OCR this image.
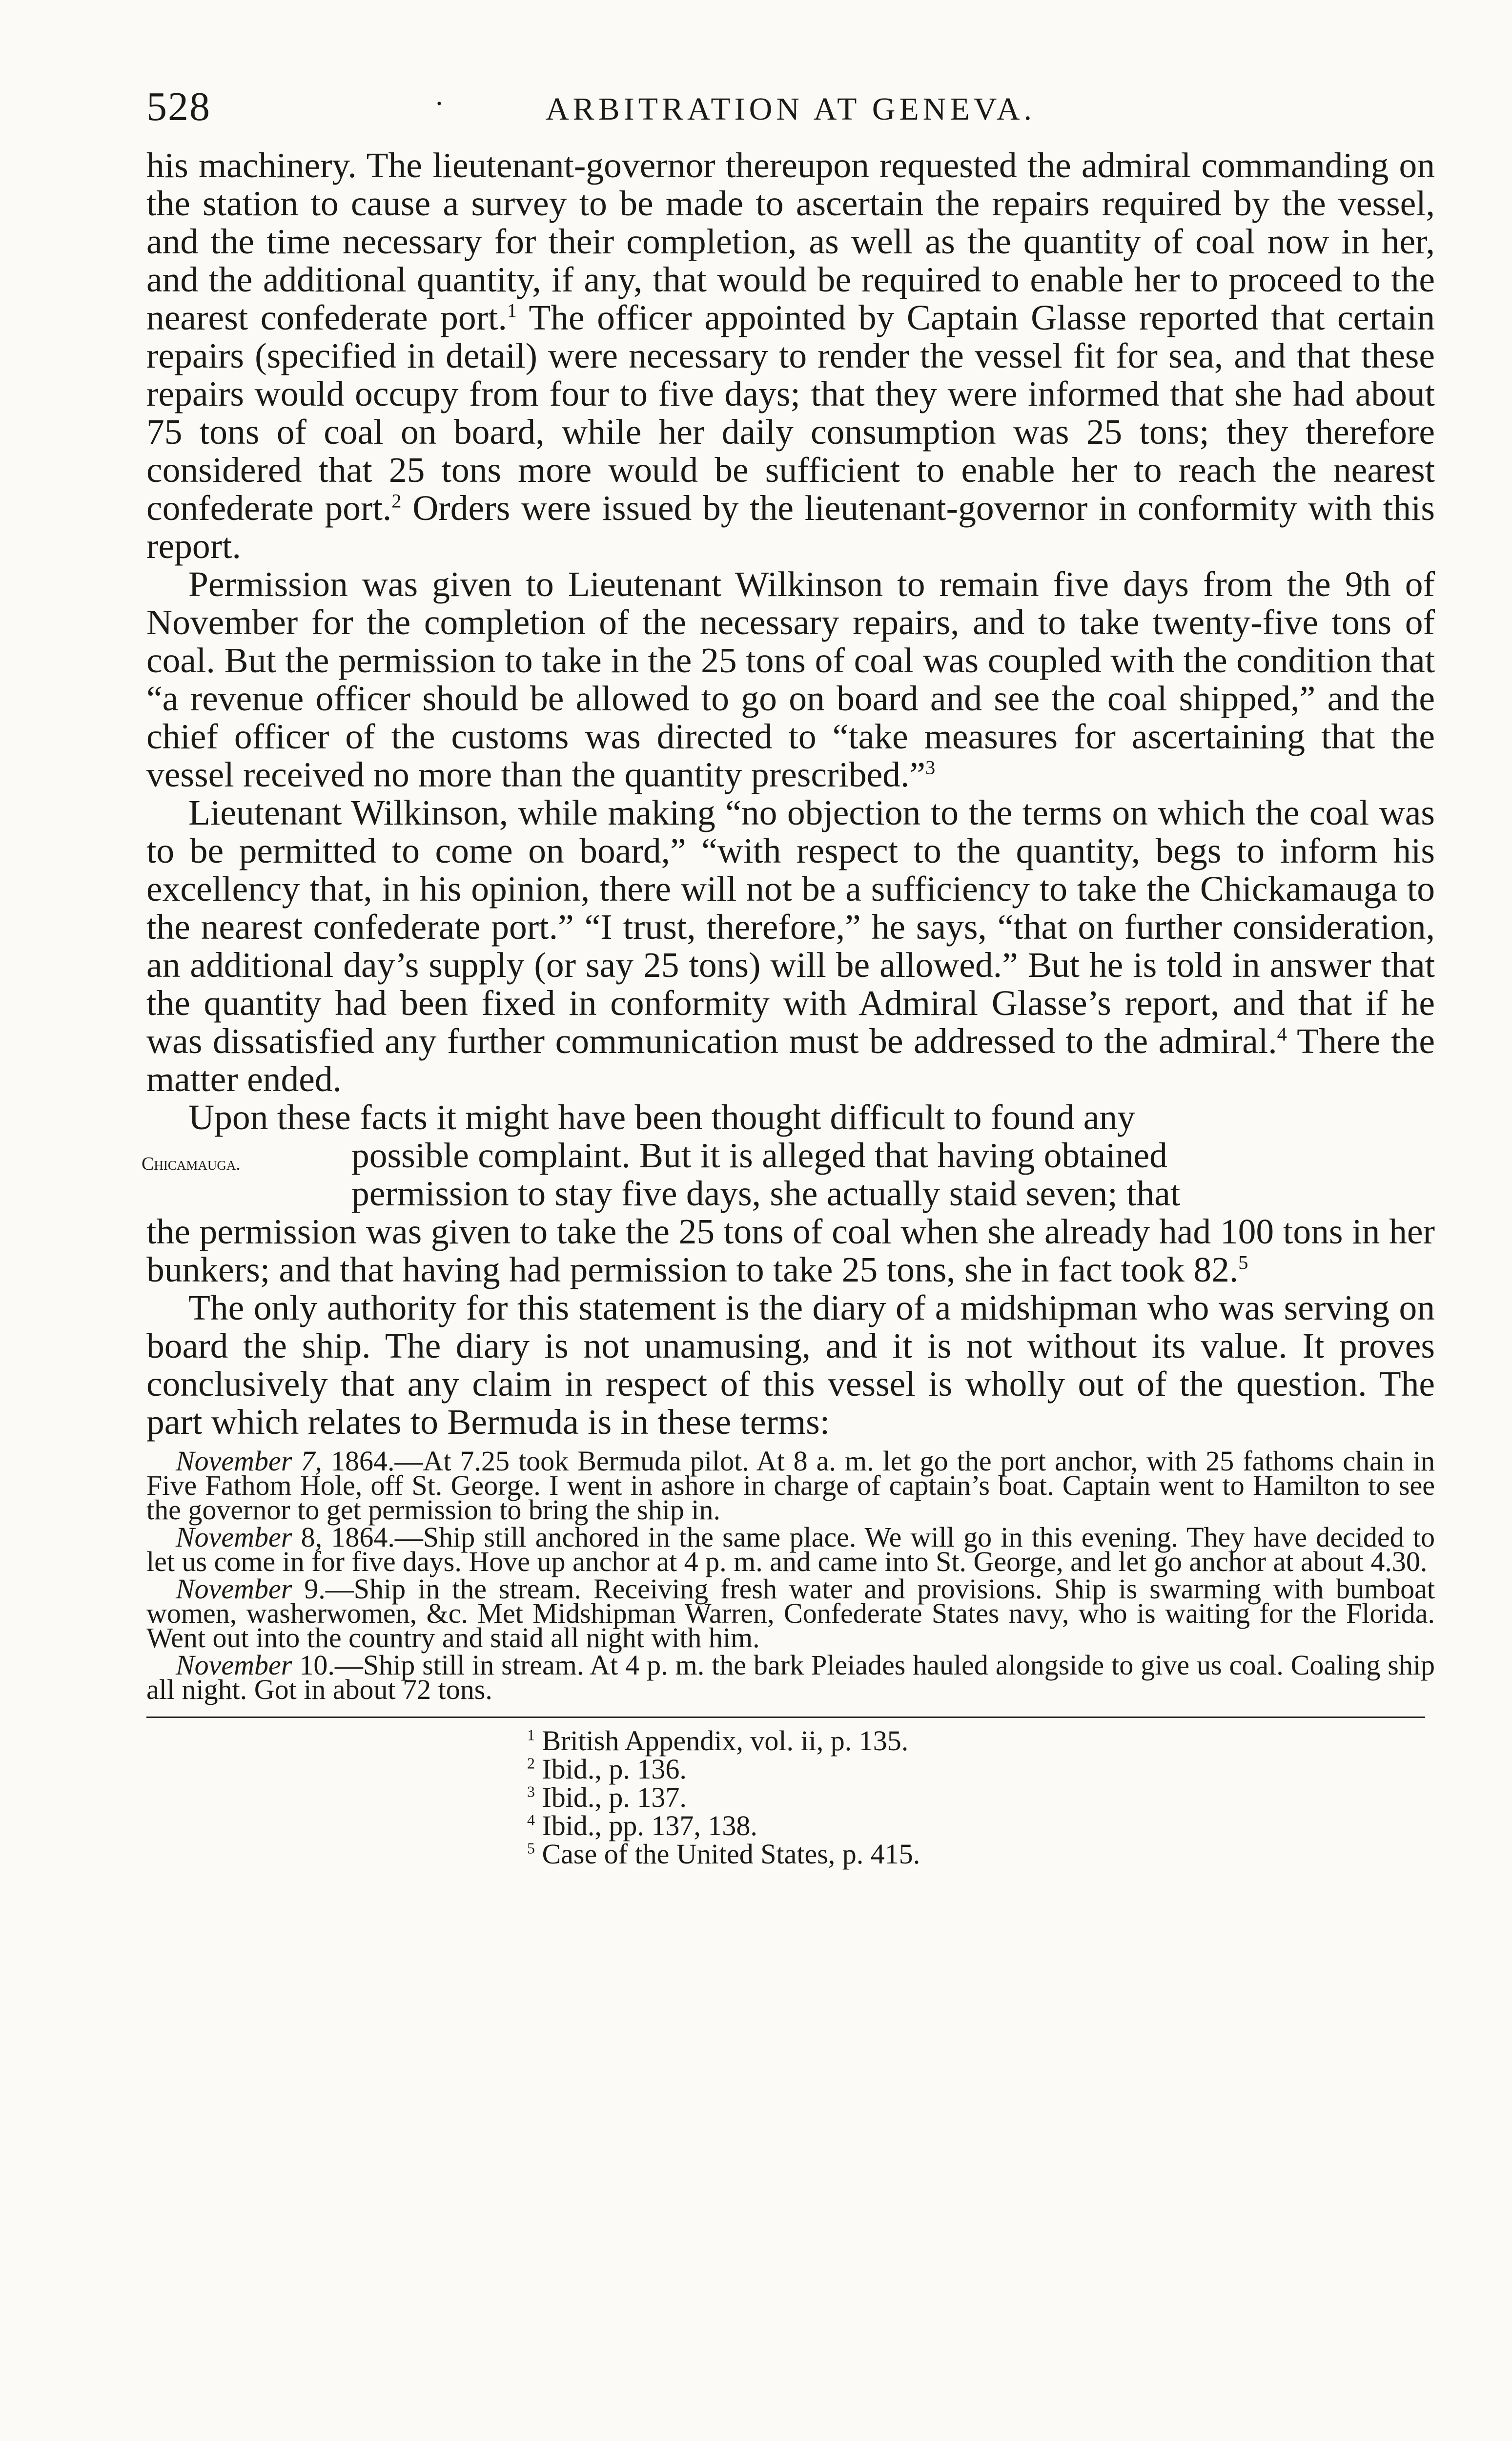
528	·	ARBITRATION AT GENEVA.

his machinery. The lieutenant-governor thereupon requested the admiral commanding on the station to cause a survey to be made to ascertain the repairs required by the vessel, and the time necessary for their completion, as well as the quantity of coal now in her, and the additional quantity, if any, that would be required to enable her to proceed to the nearest confederate port.$^1$ The officer appointed by Captain Glasse reported that certain repairs (specified in detail) were necessary to render the vessel fit for sea, and that these repairs would occupy from four to five days; that they were informed that she had about 75 tons of coal on board, while her daily consumption was 25 tons; they therefore considered that 25 tons more would be sufficient to enable her to reach the nearest confederate port.$^2$ Orders were issued by the lieutenant-governor in conformity with this report.

Permission was given to Lieutenant Wilkinson to remain five days from the 9th of November for the completion of the necessary repairs, and to take twenty-five tons of coal. But the permission to take in the 25 tons of coal was coupled with the condition that “a revenue officer should be allowed to go on board and see the coal shipped,” and the chief officer of the customs was directed to “take measures for ascertaining that the vessel received no more than the quantity prescribed.”$^3$

Lieutenant Wilkinson, while making “no objection to the terms on which the coal was to be permitted to come on board,” “with respect to the quantity, begs to inform his excellency that, in his opinion, there will not be a sufficiency to take the Chickamauga to the nearest confederate port.” “I trust, therefore,” he says, “that on further consideration, an additional day’s supply (or say 25 tons) will be allowed.” But he is told in answer that the quantity had been fixed in conformity with Admiral Glasse’s report, and that if he was dissatisfied any further communication must be addressed to the admiral.$^4$ There the matter ended.

Upon these facts it might have been thought difficult to found any

Chicamauga.	possible complaint. But it is alleged that having obtained

permission to stay five days, she actually staid seven; that

the permission was given to take the 25 tons of coal when she already had 100 tons in her bunkers; and that having had permission to take 25 tons, she in fact took 82.$^5$

The only authority for this statement is the diary of a midshipman who was serving on board the ship. The diary is not unamusing, and it is not without its value. It proves conclusively that any claim in respect of this vessel is wholly out of the question. The part which relates to Bermuda is in these terms:

November 7, 1864.—At 7.25 took Bermuda pilot. At 8 a. m. let go the port anchor, with 25 fathoms chain in Five Fathom Hole, off St. George. I went in ashore in charge of captain’s boat. Captain went to Hamilton to see the governor to get permission to bring the ship in.

November 8, 1864.—Ship still anchored in the same place. We will go in this evening. They have decided to let us come in for five days. Hove up anchor at 4 p. m. and came into St. George, and let go anchor at about 4.30.

November 9.—Ship in the stream. Receiving fresh water and provisions. Ship is swarming with bumboat women, washerwomen, &c. Met Midshipman Warren, Confederate States navy, who is waiting for the Florida. Went out into the country and staid all night with him.

November 10.—Ship still in stream. At 4 p. m. the bark Pleiades hauled alongside to give us coal. Coaling ship all night. Got in about 72 tons.

$^1$ British Appendix, vol. ii, p. 135.
$^2$ Ibid., p. 136.
$^3$ Ibid., p. 137.
$^4$ Ibid., pp. 137, 138.
$^5$ Case of the United States, p. 415.
